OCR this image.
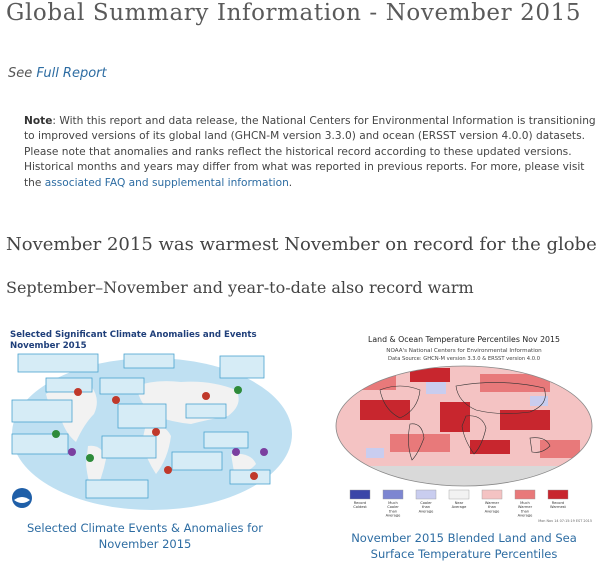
Global Summary Information - November 2015
See Full Report
Note: With this report and data release, the National Centers for Environmental Information is transitioning to improved versions of its global land (GHCN-M version 3.3.0) and ocean (ERSST version 4.0.0) datasets. Please note that anomalies and ranks reflect the historical record according to these updated versions. Historical months and years may differ from what was reported in previous reports. For more, please visit the associated FAQ and supplemental information.
November 2015 was warmest November on record for the globe
September–November and year-to-date also record warm
Selected Significant Climate Anomalies and Events
November 2015
Selected Climate Events & Anomalies for November 2015
Land & Ocean Temperature Percentiles Nov 2015
NOAA's National Centers for Environmental Information
Data Source: GHCN-M version 3.3.0 & ERSST version 4.0.0
Record
Coldest
Much
Cooler
than
Average
Cooler
than
Average
Near
Average
Warmer
than
Average
Much
Warmer
than
Average
Record
Warmest
Mon Nov 14 07:15:19 EST 2015
November 2015 Blended Land and Sea Surface Temperature Percentiles
